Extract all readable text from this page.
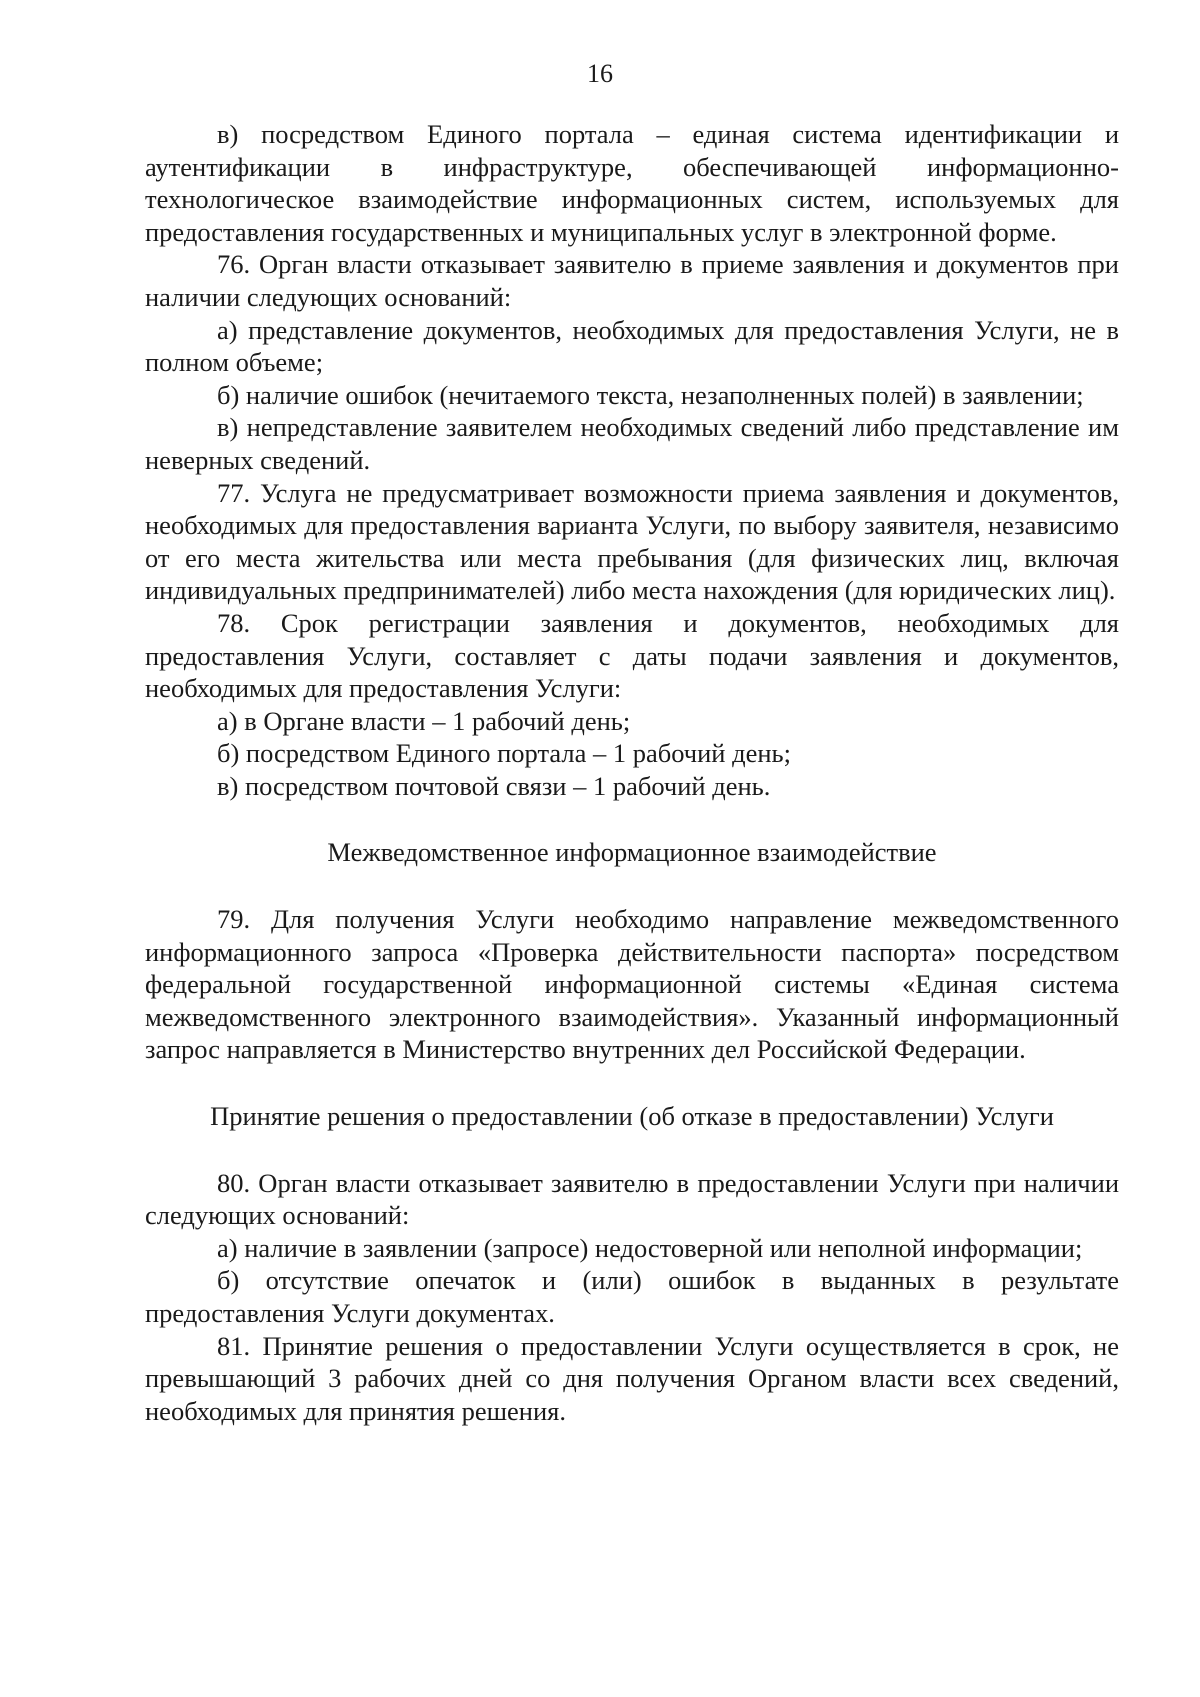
16

в) посредством Единого портала – единая система идентификации и аутентификации в инфраструктуре, обеспечивающей информационно-технологическое взаимодействие информационных систем, используемых для предоставления государственных и муниципальных услуг в электронной форме.

76. Орган власти отказывает заявителю в приеме заявления и документов при наличии следующих оснований:

а) представление документов, необходимых для предоставления Услуги, не в полном объеме;

б) наличие ошибок (нечитаемого текста, незаполненных полей) в заявлении;

в) непредставление заявителем необходимых сведений либо представление им неверных сведений.

77. Услуга не предусматривает возможности приема заявления и документов, необходимых для предоставления варианта Услуги, по выбору заявителя, независимо от его места жительства или места пребывания (для физических лиц, включая индивидуальных предпринимателей) либо места нахождения (для юридических лиц).

78. Срок регистрации заявления и документов, необходимых для предоставления Услуги, составляет с даты подачи заявления и документов, необходимых для предоставления Услуги:

а) в Органе власти – 1 рабочий день;

б) посредством Единого портала – 1 рабочий день;

в) посредством почтовой связи – 1 рабочий день.

Межведомственное информационное взаимодействие

79. Для получения Услуги необходимо направление межведомственного информационного запроса «Проверка действительности паспорта» посредством федеральной государственной информационной системы «Единая система межведомственного электронного взаимодействия». Указанный информационный запрос направляется в Министерство внутренних дел Российской Федерации.

Принятие решения о предоставлении (об отказе в предоставлении) Услуги

80. Орган власти отказывает заявителю в предоставлении Услуги при наличии следующих оснований:

а) наличие в заявлении (запросе) недостоверной или неполной информации;

б) отсутствие опечаток и (или) ошибок в выданных в результате предоставления Услуги документах.

81. Принятие решения о предоставлении Услуги осуществляется в срок, не превышающий 3 рабочих дней со дня получения Органом власти всех сведений, необходимых для принятия решения.
